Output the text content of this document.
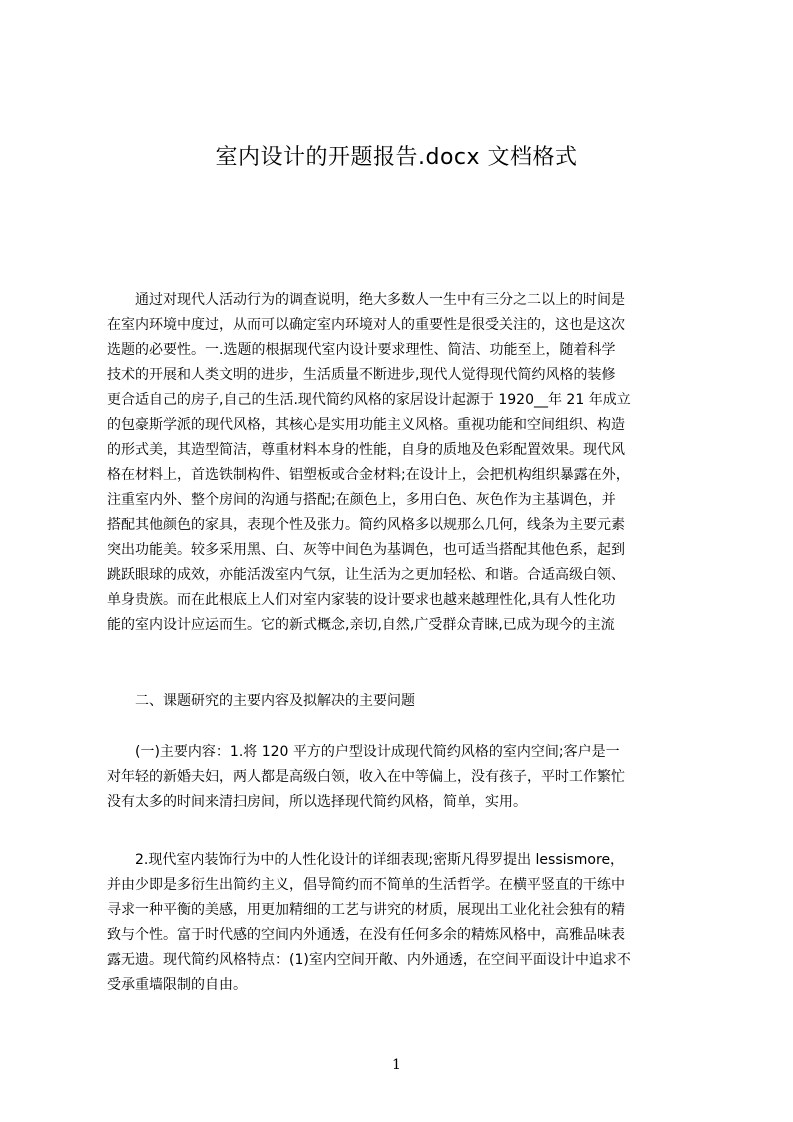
室内设计的开题报告.docx 文档格式
　　通过对现代人活动行为的调查说明，绝大多数人一生中有三分之二以上的时间是
在室内环境中度过，从而可以确定室内环境对人的重要性是很受关注的，这也是这次
选题的必要性。一.选题的根据现代室内设计要求理性、简洁、功能至上，随着科学
技术的开展和人类文明的进步，生活质量不断进步,现代人觉得现代简约风格的装修
更合适自己的房子,自己的生活.现代简约风格的家居设计起源于 1920__年 21 年成立
的包豪斯学派的现代风格，其核心是实用功能主义风格。重视功能和空间组织、构造
的形式美，其造型简洁，尊重材料本身的性能，自身的质地及色彩配置效果。现代风
格在材料上，首选铁制构件、铝塑板或合金材料;在设计上，会把机构组织暴露在外，
注重室内外、整个房间的沟通与搭配;在颜色上，多用白色、灰色作为主基调色，并
搭配其他颜色的家具，表现个性及张力。简约风格多以规那么几何，线条为主要元素
突出功能美。较多采用黑、白、灰等中间色为基调色，也可适当搭配其他色系，起到
跳跃眼球的成效，亦能活泼室内气氛，让生活为之更加轻松、和谐。合适高级白领、
单身贵族。而在此根底上人们对室内家装的设计要求也越来越理性化,具有人性化功
能的室内设计应运而生。它的新式概念,亲切,自然,广受群众青睐,已成为现今的主流
　　二、课题研究的主要内容及拟解决的主要问题
　　(一)主要内容：1.将 120 平方的户型设计成现代简约风格的室内空间;客户是一
对年轻的新婚夫妇，两人都是高级白领，收入在中等偏上，没有孩子，平时工作繁忙
没有太多的时间来清扫房间，所以选择现代简约风格，简单，实用。
　　2.现代室内装饰行为中的人性化设计的详细表现;密斯凡得罗提出 lessismore，
并由少即是多衍生出简约主义，倡导简约而不简单的生活哲学。在横平竖直的干练中
寻求一种平衡的美感，用更加精细的工艺与讲究的材质，展现出工业化社会独有的精
致与个性。富于时代感的空间内外通透，在没有任何多余的精炼风格中，高雅品味表
露无遗。现代简约风格特点：(1)室内空间开敞、内外通透，在空间平面设计中追求不
受承重墙限制的自由。
1
